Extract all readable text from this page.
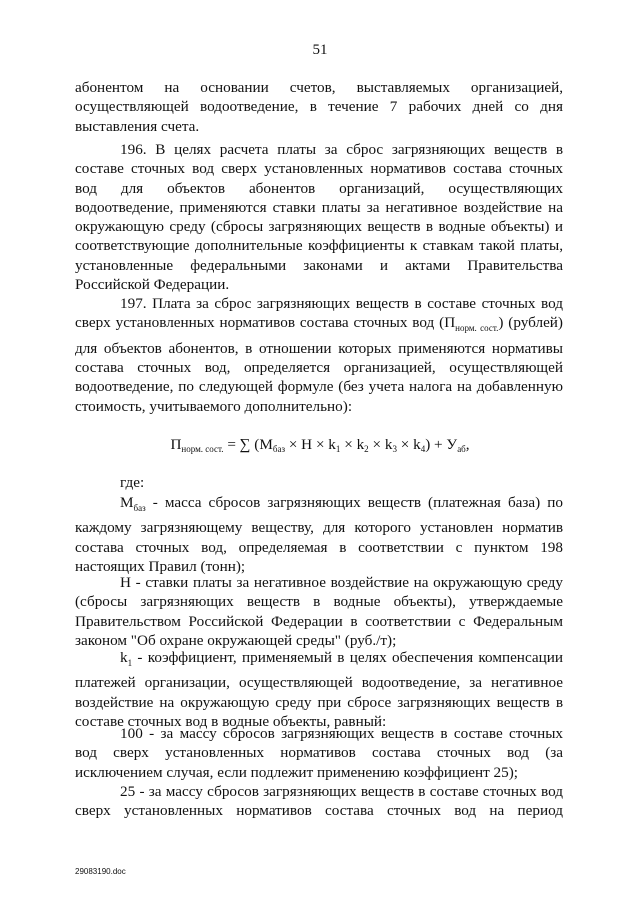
51

абонентом на основании счетов, выставляемых организацией, осуществляющей водоотведение, в течение 7 рабочих дней со дня выставления счета.

196. В целях расчета платы за сброс загрязняющих веществ в составе сточных вод сверх установленных нормативов состава сточных вод для объектов абонентов организаций, осуществляющих водоотведение, применяются ставки платы за негативное воздействие на окружающую среду (сбросы загрязняющих веществ в водные объекты) и соответствующие дополнительные коэффициенты к ставкам такой платы, установленные федеральными законами и актами Правительства Российской Федерации.

197. Плата за сброс загрязняющих веществ в составе сточных вод сверх установленных нормативов состава сточных вод $(П_{норм. сост.})$ (рублей) для объектов абонентов, в отношении которых применяются нормативы состава сточных вод, определяется организацией, осуществляющей водоотведение, по следующей формуле (без учета налога на добавленную стоимость, учитываемого дополнительно):

$П_{норм. сост.}$ = ∑ $(М_{баз} \times Н \times k_1 \times k_2 \times k_3 \times k_4) + У_{аб}$,

где:

$М_{баз}$ - масса сбросов загрязняющих веществ (платежная база) по каждому загрязняющему веществу, для которого установлен норматив состава сточных вод, определяемая в соответствии с пунктом 198 настоящих Правил (тонн);

Н - ставки платы за негативное воздействие на окружающую среду (сбросы загрязняющих веществ в водные объекты), утверждаемые Правительством Российской Федерации в соответствии с Федеральным законом "Об охране окружающей среды" (руб./т);

$k_1$ - коэффициент, применяемый в целях обеспечения компенсации платежей организации, осуществляющей водоотведение, за негативное воздействие на окружающую среду при сбросе загрязняющих веществ в составе сточных вод в водные объекты, равный:

100 - за массу сбросов загрязняющих веществ в составе сточных вод сверх установленных нормативов состава сточных вод (за исключением случая, если подлежит применению коэффициент 25);

25 - за массу сбросов загрязняющих веществ в составе сточных вод сверх установленных нормативов состава сточных вод на период

29083190.doc
